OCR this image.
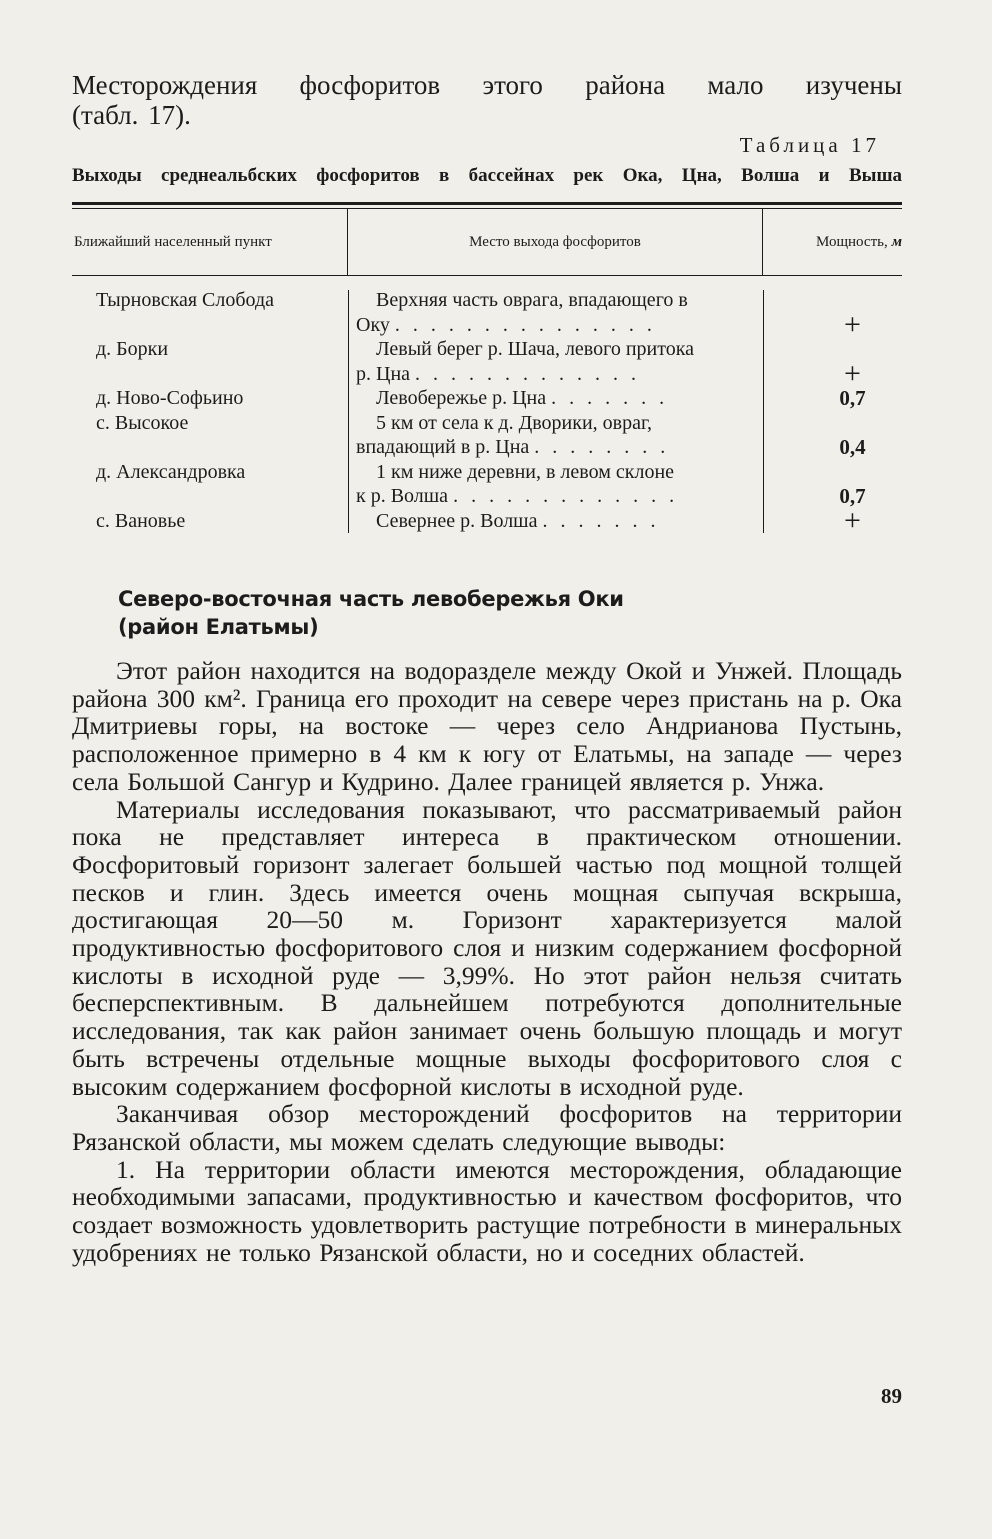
Месторождения фосфоритов этого района мало изучены
(табл. 17).

Таблица 17

Выходы среднеальбских фосфоритов в бассейнах рек Ока, Цна, Волша и Выша

Ближайший населенный пункт	Место выхода фосфоритов	Мощность, м
Тырновская Слобода	Верхняя часть оврага, впадающего в
Оку . . . . . . . . . . . . . . .	+
д. Борки	Левый берег р. Шача, левого притока
р. Цна . . . . . . . . . . . . .	+
д. Ново-Софьино	Левобережье р. Цна . . . . . . .	0,7
с. Высокое	5 км от села к д. Дворики, овраг,
впадающий в р. Цна . . . . . . . .	0,4
д. Александровка	1 км ниже деревни, в левом склоне
к р. Волша . . . . . . . . . . . . .	0,7
с. Вановье	Севернее р. Волша . . . . . . .	+
Северо-восточная часть левобережья Оки
(район Елатьмы)

Этот район находится на водоразделе между Окой и Унжей. Площадь района 300 км². Граница его проходит на севере через пристань на р. Ока Дмитриевы горы, на востоке — через село Андрианова Пустынь, расположенное примерно в 4 км к югу от Елатьмы, на западе — через села Большой Сангур и Кудрино. Далее границей является р. Унжа.

Материалы исследования показывают, что рассматриваемый район пока не представляет интереса в практическом отношении. Фосфоритовый горизонт залегает большей частью под мощной толщей песков и глин. Здесь имеется очень мощная сыпучая вскрыша, достигающая 20—50 м. Горизонт характеризуется малой продуктивностью фосфоритового слоя и низким содержанием фосфорной кислоты в исходной руде — 3,99%. Но этот район нельзя считать бесперспективным. В дальнейшем потребуются дополнительные исследования, так как район занимает очень большую площадь и могут быть встречены отдельные мощные выходы фосфоритового слоя с высоким содержанием фосфорной кислоты в исходной руде.

Заканчивая обзор месторождений фосфоритов на территории Рязанской области, мы можем сделать следующие выводы:

1. На территории области имеются месторождения, обладающие необходимыми запасами, продуктивностью и качеством фосфоритов, что создает возможность удовлетворить растущие потребности в минеральных удобрениях не только Рязанской области, но и соседних областей.

89
